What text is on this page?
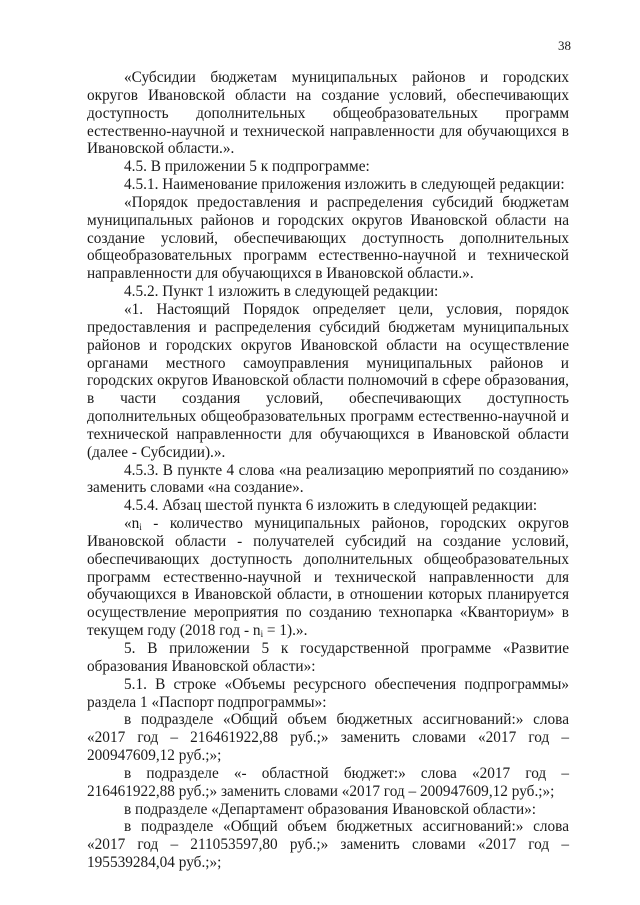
38

«Субсидии бюджетам муниципальных районов и городских округов Ивановской области на создание условий, обеспечивающих доступность дополнительных общеобразовательных программ естественно-научной и технической направленности для обучающихся в Ивановской области.».

4.5. В приложении 5 к подпрограмме:

4.5.1. Наименование приложения изложить в следующей редакции:

«Порядок предоставления и распределения субсидий бюджетам муниципальных районов и городских округов Ивановской области на создание условий, обеспечивающих доступность дополнительных общеобразовательных программ естественно-научной и технической направленности для обучающихся в Ивановской области.».

4.5.2. Пункт 1 изложить в следующей редакции:

«1. Настоящий Порядок определяет цели, условия, порядок предоставления и распределения субсидий бюджетам муниципальных районов и городских округов Ивановской области на осуществление органами местного самоуправления муниципальных районов и городских округов Ивановской области полномочий в сфере образования, в части создания условий, обеспечивающих доступность дополнительных общеобразовательных программ естественно-научной и технической направленности для обучающихся в Ивановской области (далее - Субсидии).».

4.5.3. В пункте 4 слова «на реализацию мероприятий по созданию» заменить словами «на создание».

4.5.4. Абзац шестой пункта 6 изложить в следующей редакции:

«$n_i$ - количество муниципальных районов, городских округов Ивановской области - получателей субсидий на создание условий, обеспечивающих доступность дополнительных общеобразовательных программ естественно-научной и технической направленности для обучающихся в Ивановской области, в отношении которых планируется осуществление мероприятия по созданию технопарка «Кванториум» в текущем году (2018 год - $n_i = 1$).».

5. В приложении 5 к государственной программе «Развитие образования Ивановской области»:

5.1. В строке «Объемы ресурсного обеспечения подпрограммы» раздела 1 «Паспорт подпрограммы»:

в подразделе «Общий объем бюджетных ассигнований:» слова «2017 год – 216461922,88 руб.;» заменить словами «2017 год – 200947609,12 руб.;»;

в подразделе «- областной бюджет:» слова «2017 год – 216461922,88 руб.;» заменить словами «2017 год – 200947609,12 руб.;»;

в подразделе «Департамент образования Ивановской области»:

в подразделе «Общий объем бюджетных ассигнований:» слова «2017 год – 211053597,80 руб.;» заменить словами «2017 год – 195539284,04 руб.;»;
